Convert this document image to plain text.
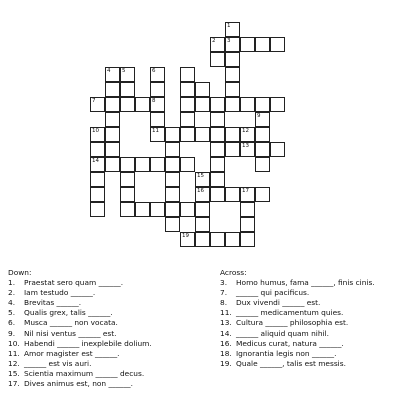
1
2 3
4 5	6
7	8
9
10	11	12
13
14
15
16	17
19
Down:
1.	Praestat sero quam ______.
2.	Iam testudo ______.
4.	Brevitas ______.
5.	Qualis grex, talis ______.
6.	Musca ______ non vocata.
9.	Nil nisi ventus ______ est.
10. Habendi ______ inexplebile dolium.
11. Amor magister est ______.
12. ______ est vis auri.
15. Scientia maximum ______ decus.
17. Dives animus est, non ______.
Across:
3.	Homo humus, fama ______, finis cinis.
7.	______ qui pacificus.
8.	Dux vivendi ______ est.
11. ______ medicamentum quies.
13. Cultura ______ philosophia est.
14. ______ aliquid quam nihil.
16. Medicus curat, natura ______.
18. Ignorantia legis non ______.
19. Quale ______, talis est messis.
